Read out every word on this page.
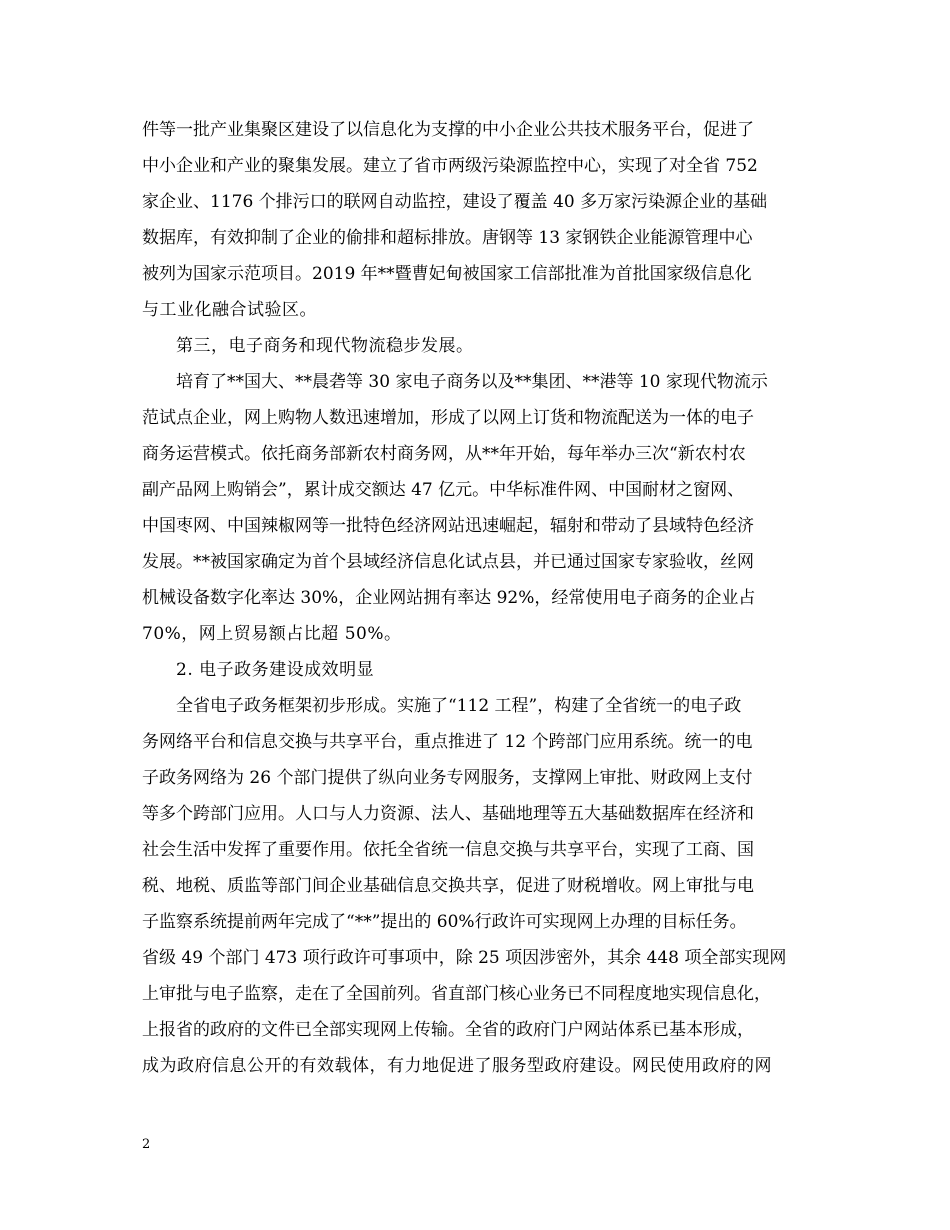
件等一批产业集聚区建设了以信息化为支撑的中小企业公共技术服务平台，促进了
中小企业和产业的聚集发展。建立了省市两级污染源监控中心，实现了对全省 752
家企业、1176 个排污口的联网自动监控，建设了覆盖 40 多万家污染源企业的基础
数据库，有效抑制了企业的偷排和超标排放。唐钢等 13 家钢铁企业能源管理中心
被列为国家示范项目。2019 年**暨曹妃甸被国家工信部批准为首批国家级信息化
与工业化融合试验区。
第三，电子商务和现代物流稳步发展。
培育了**国大、**晨砻等 30 家电子商务以及**集团、**港等 10 家现代物流示
范试点企业，网上购物人数迅速增加，形成了以网上订货和物流配送为一体的电子
商务运营模式。依托商务部新农村商务网，从**年开始，每年举办三次“新农村农
副产品网上购销会”，累计成交额达 47 亿元。中华标准件网、中国耐材之窗网、
中国枣网、中国辣椒网等一批特色经济网站迅速崛起，辐射和带动了县域特色经济
发展。**被国家确定为首个县域经济信息化试点县，并已通过国家专家验收，丝网
机械设备数字化率达 30%，企业网站拥有率达 92%，经常使用电子商务的企业占
70%，网上贸易额占比超 50%。
2. 电子政务建设成效明显
全省电子政务框架初步形成。实施了“112 工程”，构建了全省统一的电子政
务网络平台和信息交换与共享平台，重点推进了 12 个跨部门应用系统。统一的电
子政务网络为 26 个部门提供了纵向业务专网服务，支撑网上审批、财政网上支付
等多个跨部门应用。人口与人力资源、法人、基础地理等五大基础数据库在经济和
社会生活中发挥了重要作用。依托全省统一信息交换与共享平台，实现了工商、国
税、地税、质监等部门间企业基础信息交换共享，促进了财税增收。网上审批与电
子监察系统提前两年完成了“**”提出的 60%行政许可实现网上办理的目标任务。
省级 49 个部门 473 项行政许可事项中，除 25 项因涉密外，其余 448 项全部实现网
上审批与电子监察，走在了全国前列。省直部门核心业务已不同程度地实现信息化，
上报省的政府的文件已全部实现网上传输。全省的政府门户网站体系已基本形成，
成为政府信息公开的有效载体，有力地促进了服务型政府建设。网民使用政府的网
2
